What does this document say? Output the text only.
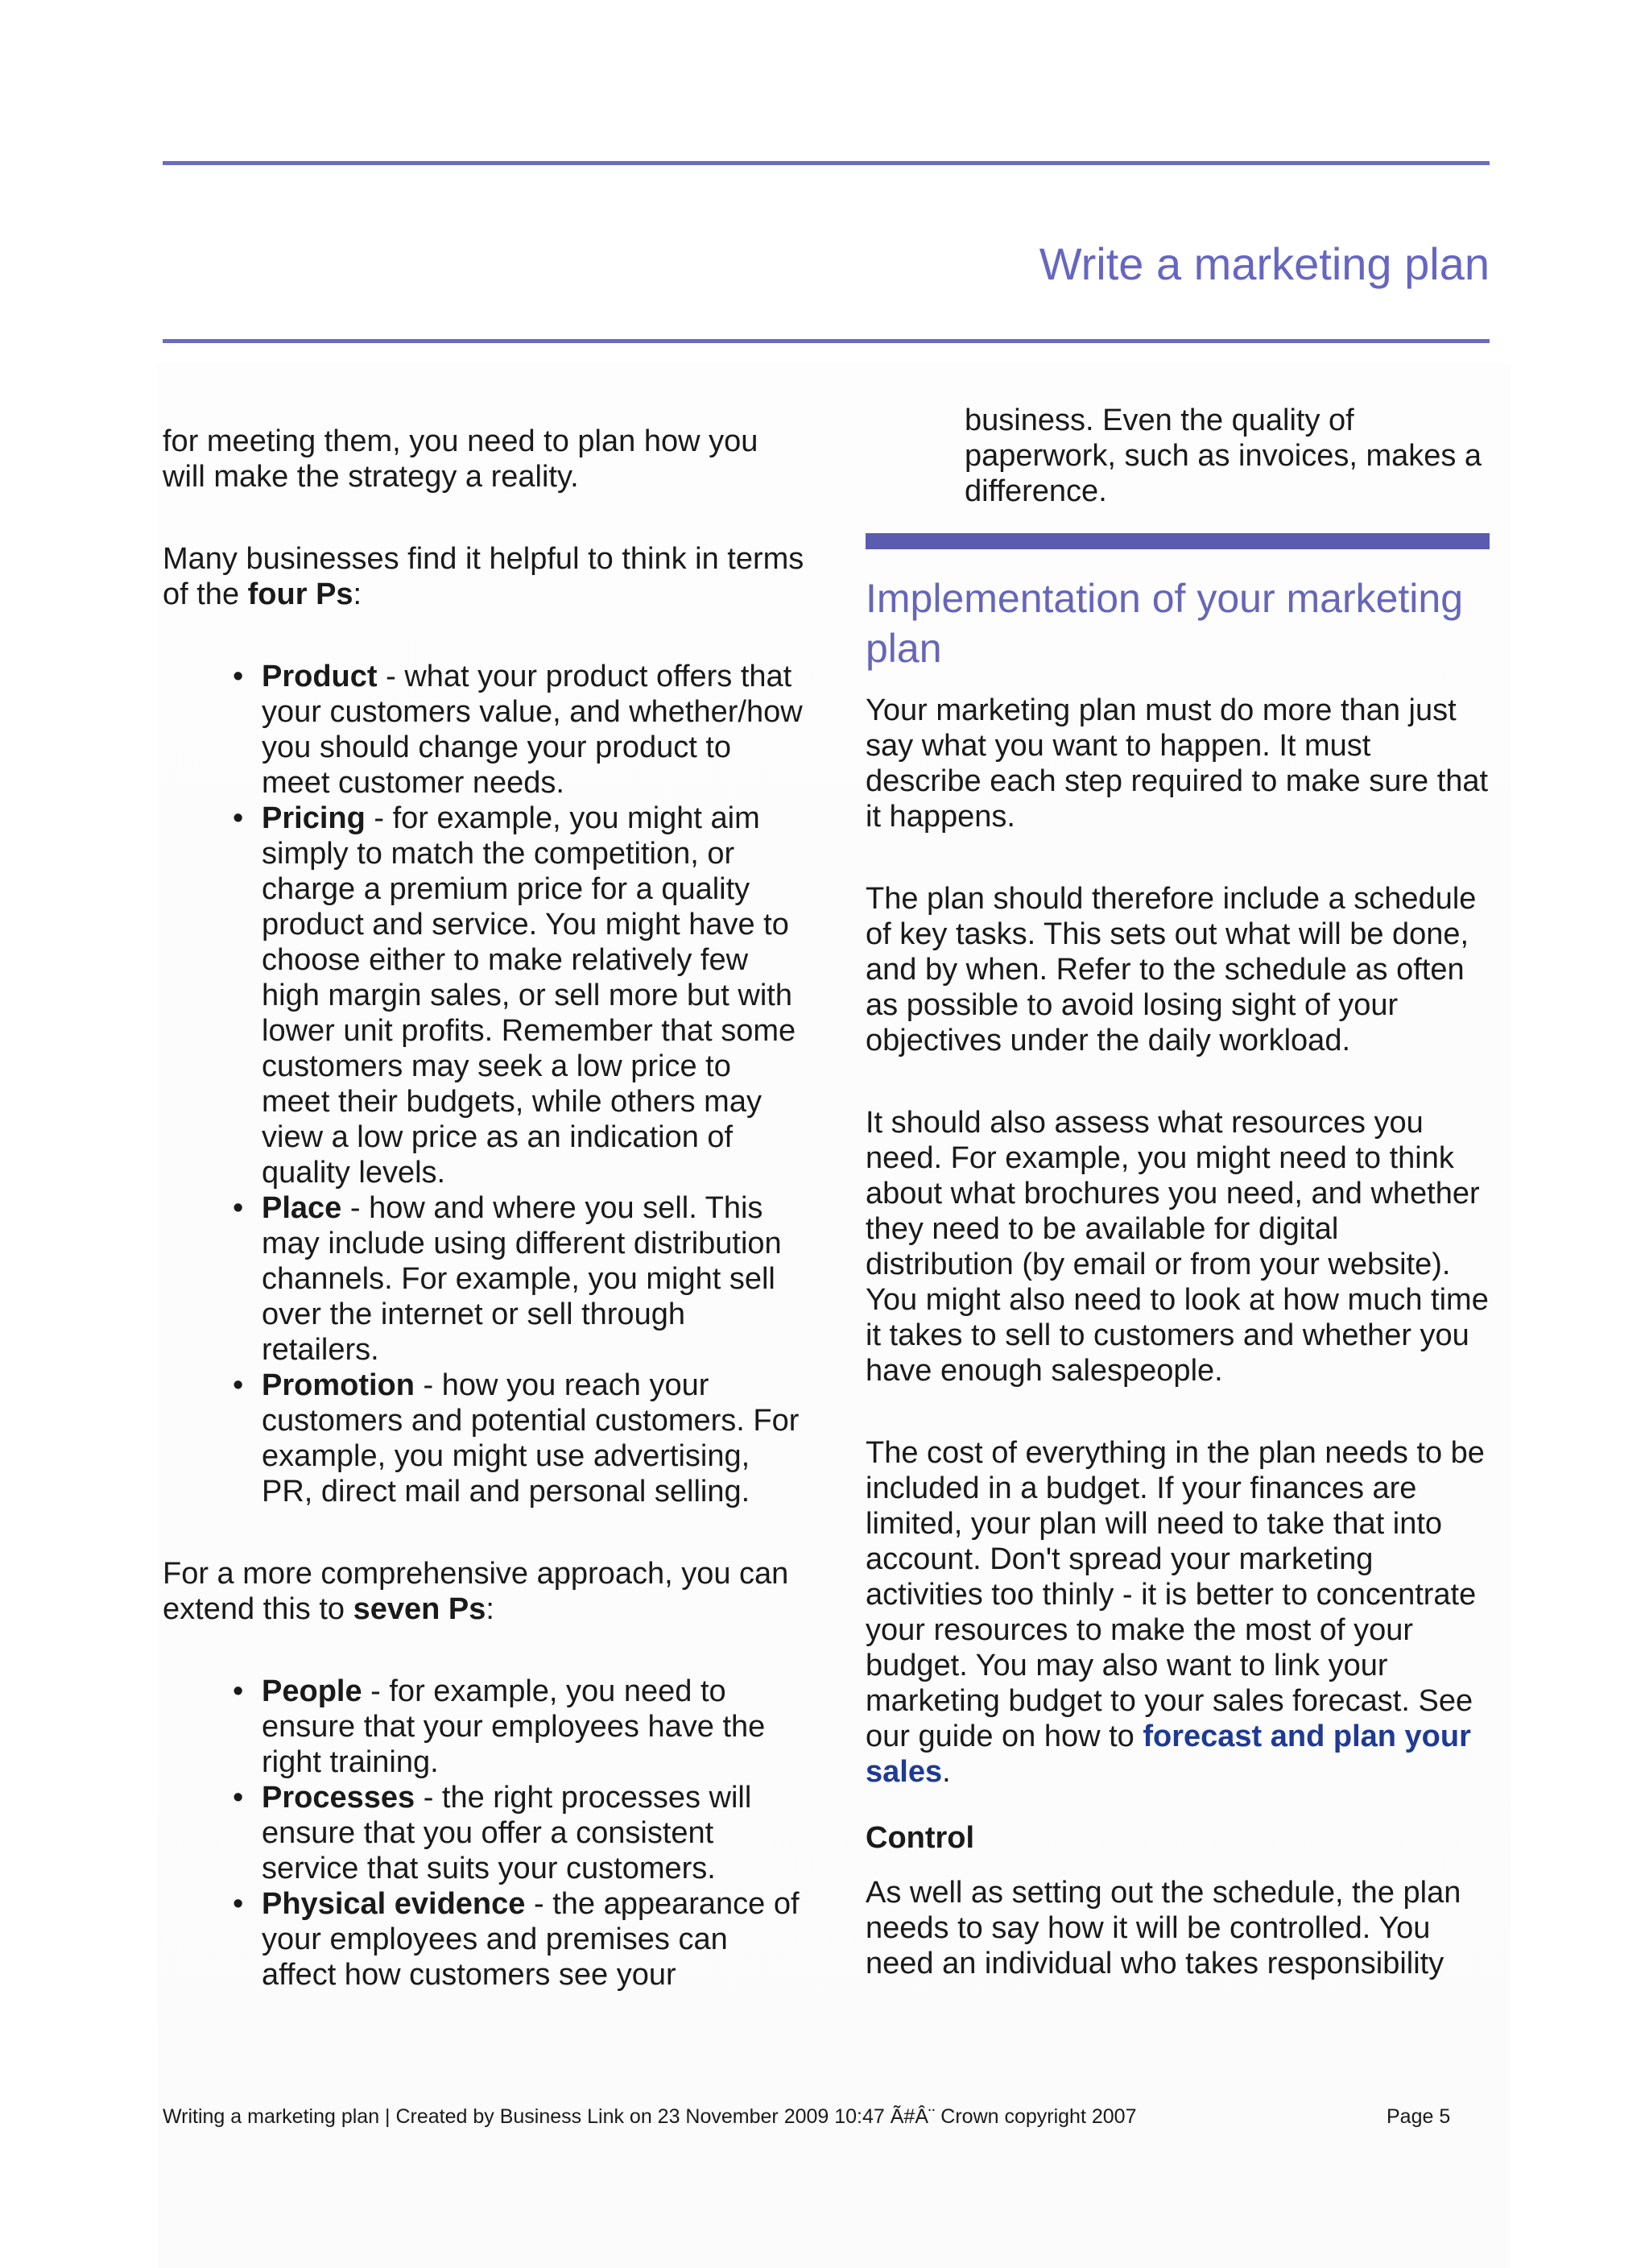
Write a marketing plan

for meeting them, you need to plan how you will make the strategy a reality.

Many businesses find it helpful to think in terms of the four Ps:

• Product - what your product offers that your customers value, and whether/how you should change your product to meet customer needs.
• Pricing - for example, you might aim simply to match the competition, or charge a premium price for a quality product and service. You might have to choose either to make relatively few high margin sales, or sell more but with lower unit profits. Remember that some customers may seek a low price to meet their budgets, while others may view a low price as an indication of quality levels.
• Place - how and where you sell. This may include using different distribution channels. For example, you might sell over the internet or sell through retailers.
• Promotion - how you reach your customers and potential customers. For example, you might use advertising, PR, direct mail and personal selling.

For a more comprehensive approach, you can extend this to seven Ps:

• People - for example, you need to ensure that your employees have the right training.
• Processes - the right processes will ensure that you offer a consistent service that suits your customers.
• Physical evidence - the appearance of your employees and premises can affect how customers see your

business. Even the quality of paperwork, such as invoices, makes a difference.

Implementation of your marketing plan

Your marketing plan must do more than just say what you want to happen. It must describe each step required to make sure that it happens.

The plan should therefore include a schedule of key tasks. This sets out what will be done, and by when. Refer to the schedule as often as possible to avoid losing sight of your objectives under the daily workload.

It should also assess what resources you need. For example, you might need to think about what brochures you need, and whether they need to be available for digital distribution (by email or from your website). You might also need to look at how much time it takes to sell to customers and whether you have enough salespeople.

The cost of everything in the plan needs to be included in a budget. If your finances are limited, your plan will need to take that into account. Don't spread your marketing activities too thinly - it is better to concentrate your resources to make the most of your budget. You may also want to link your marketing budget to your sales forecast. See our guide on how to forecast and plan your sales.

Control

As well as setting out the schedule, the plan needs to say how it will be controlled. You need an individual who takes responsibility

Writing a marketing plan | Created by Business Link on 23 November 2009 10:47 Ã#Â¨ Crown copyright 2007	Page 5
